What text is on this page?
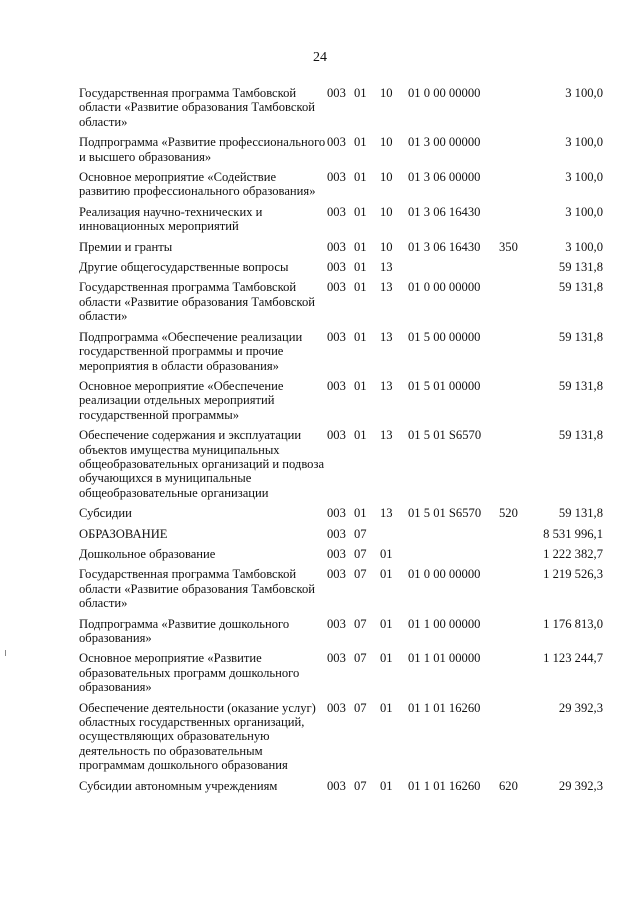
24
Государственная программа Тамбовской области «Развитие образования Тамбовской области»	003	01	10	01 0 00 00000		3 100,0
Подпрограмма «Развитие профессионального и высшего образования»	003	01	10	01 3 00 00000		3 100,0
Основное мероприятие «Содействие развитию профессионального образования»	003	01	10	01 3 06 00000		3 100,0
Реализация научно-технических и инновационных мероприятий	003	01	10	01 3 06 16430		3 100,0
Премии и гранты	003	01	10	01 3 06 16430	350	3 100,0
Другие общегосударственные вопросы	003	01	13			59 131,8
Государственная программа Тамбовской области «Развитие образования Тамбовской области»	003	01	13	01 0 00 00000		59 131,8
Подпрограмма «Обеспечение реализации государственной программы и прочие мероприятия в области образования»	003	01	13	01 5 00 00000		59 131,8
Основное мероприятие «Обеспечение реализации отдельных мероприятий государственной программы»	003	01	13	01 5 01 00000		59 131,8
Обеспечение содержания и эксплуатации объектов имущества муниципальных общеобразовательных организаций и подвоза обучающихся в муниципальные общеобразовательные организации	003	01	13	01 5 01 S6570		59 131,8
Субсидии	003	01	13	01 5 01 S6570	520	59 131,8
ОБРАЗОВАНИЕ	003	07				8 531 996,1
Дошкольное образование	003	07	01			1 222 382,7
Государственная программа Тамбовской области «Развитие образования Тамбовской области»	003	07	01	01 0 00 00000		1 219 526,3
Подпрограмма «Развитие дошкольного образования»	003	07	01	01 1 00 00000		1 176 813,0
Основное мероприятие «Развитие образовательных программ дошкольного образования»	003	07	01	01 1 01 00000		1 123 244,7
Обеспечение деятельности (оказание услуг) областных государственных организаций, осуществляющих образовательную деятельность по образовательным программам дошкольного образования	003	07	01	01 1 01 16260		29 392,3
Субсидии автономным учреждениям	003	07	01	01 1 01 16260	620	29 392,3
